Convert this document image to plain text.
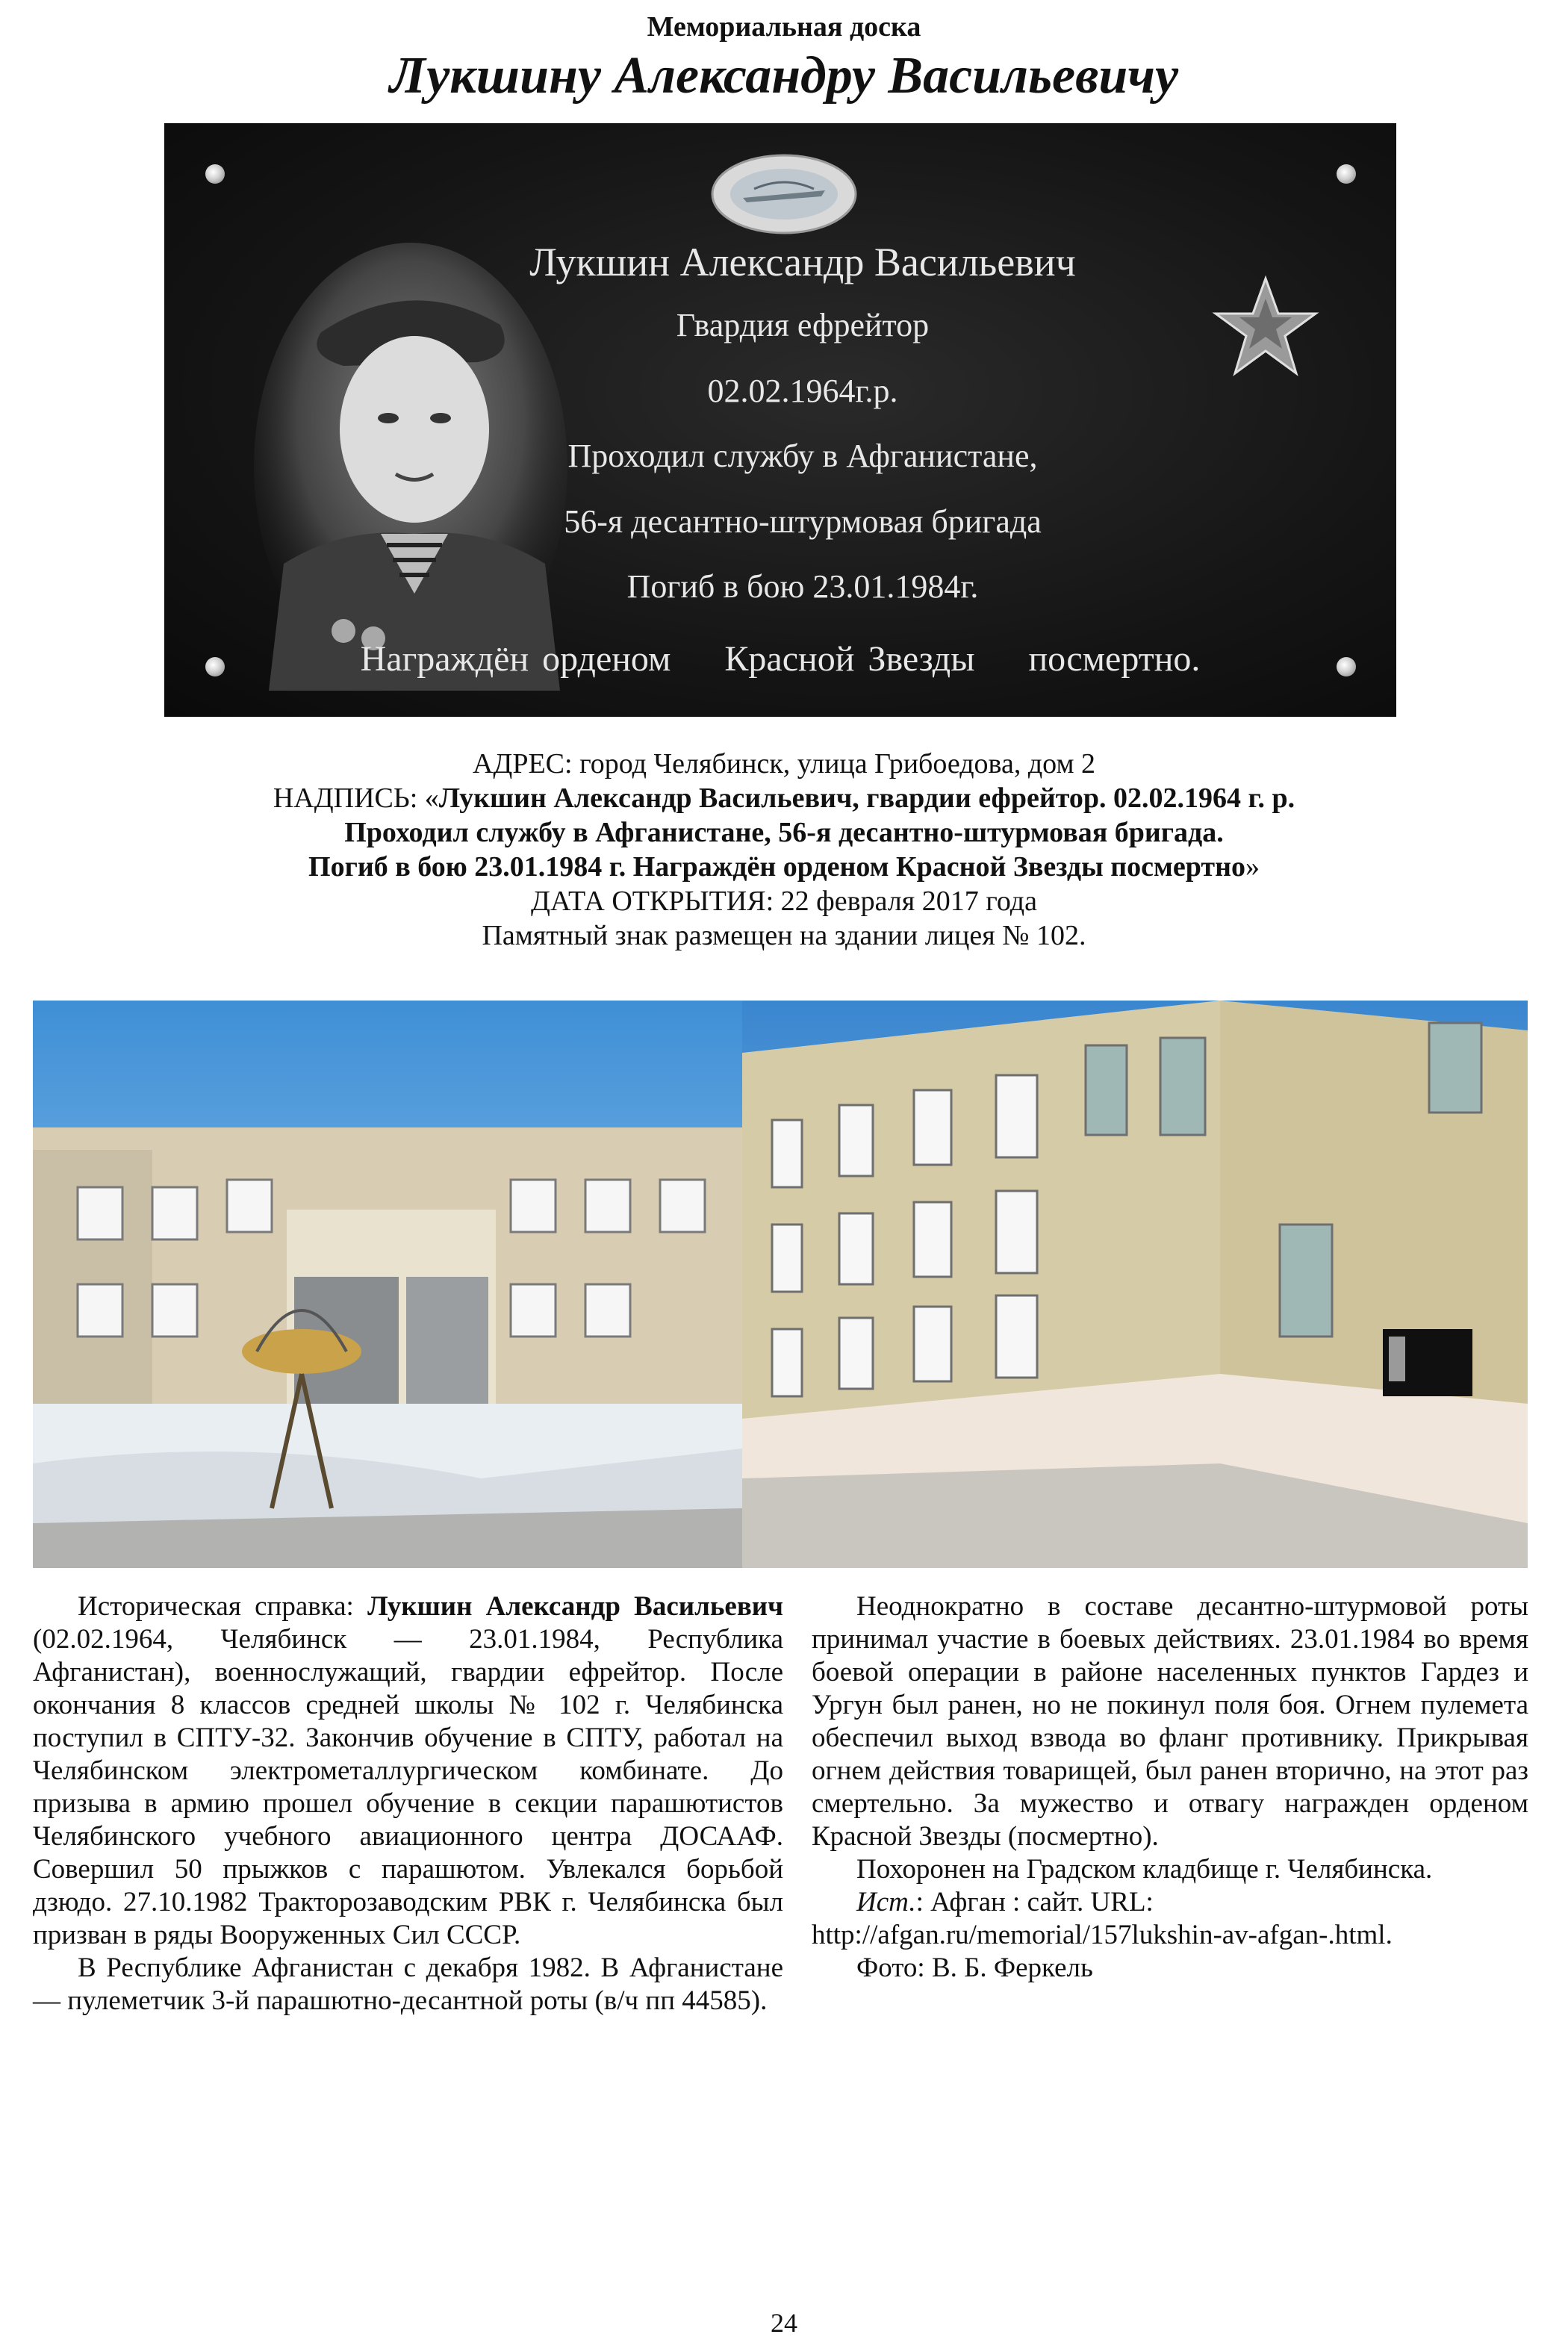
Мемориальная доска
Лукшину Александру Васильевичу
Лукшин Александр Васильевич
Гвардия ефрейтор
02.02.1964г.р.
Проходил службу в Афганистане,
56-я десантно-штурмовая бригада
Погиб в бою 23.01.1984г.
Награждён орденом    Красной Звезды    посмертно.
АДРЕС: город Челябинск, улица Грибоедова, дом 2
НАДПИСЬ: «Лукшин Александр Васильевич, гвардии ефрейтор. 02.02.1964 г. р.
Проходил службу в Афганистане, 56-я десантно-штурмовая бригада.
Погиб в бою 23.01.1984 г. Награждён орденом Красной Звезды посмертно»
ДАТА ОТКРЫТИЯ: 22 февраля 2017 года
Памятный знак размещен на здании лицея № 102.

Историческая справка: Лукшин Александр Васильевич (02.02.1964, Челябинск — 23.01.1984, Республика Афганистан), военнослужащий, гвардии ефрейтор. После окончания 8 классов средней школы № 102 г. Челябинска поступил в СПТУ-32. Закончив обучение в СПТУ, работал на Челябинском электрометаллургическом комбинате. До призыва в армию прошел обучение в секции парашютистов Челябинского учебного авиационного центра ДОСААФ. Совершил 50 прыжков с парашютом. Увлекался борьбой дзюдо. 27.10.1982 Тракторозаводским РВК г. Челябинска был призван в ряды Вооруженных Сил СССР.

В Республике Афганистан с декабря 1982. В Афганистане — пулеметчик 3-й парашютно-десантной роты (в/ч пп 44585).

Неоднократно в составе десантно-штурмовой роты принимал участие в боевых действиях. 23.01.1984 во время боевой операции в районе населенных пунктов Гардез и Ургун был ранен, но не покинул поля боя. Огнем пулемета обеспечил выход взвода во фланг противнику. Прикрывая огнем действия товарищей, был ранен вторично, на этот раз смертельно. За мужество и отвагу награжден орденом Красной Звезды (посмертно).

Похоронен на Градском кладбище г. Челябинска.

Ист.: Афган : сайт. URL: http://afgan.ru/memorial/157lukshin-av-afgan-.html.

Фото: В. Б. Феркель

24
